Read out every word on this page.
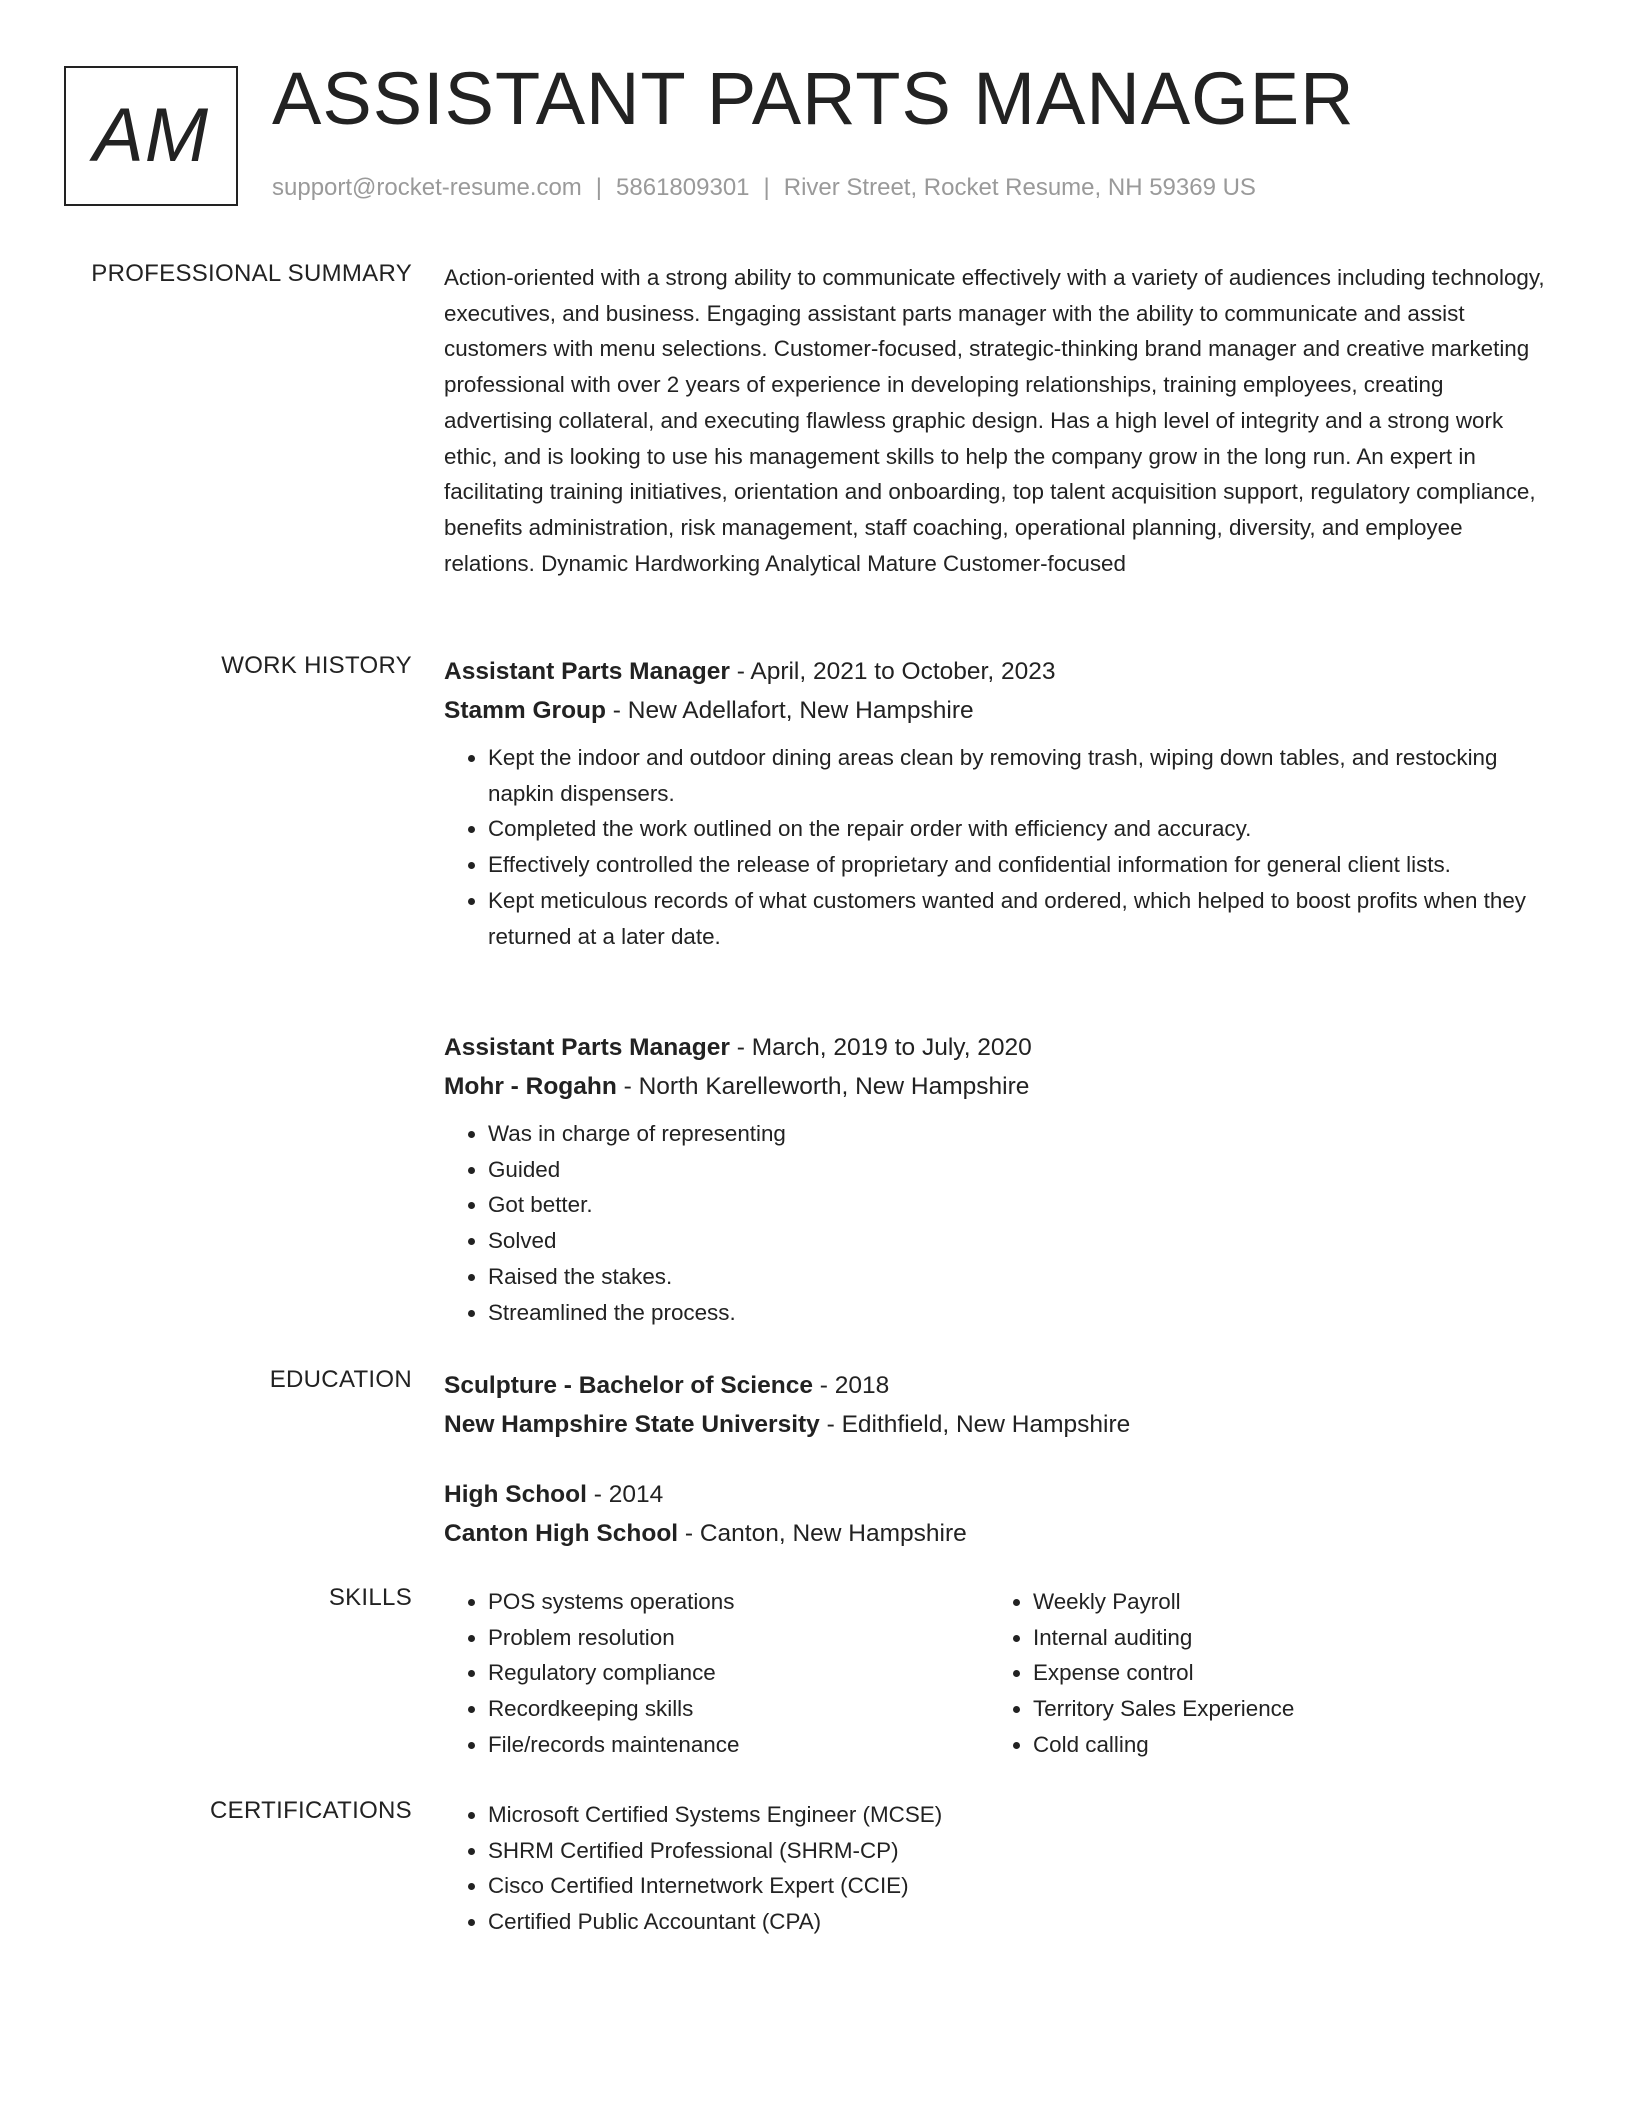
AM ASSISTANT PARTS MANAGER
support@rocket-resume.com | 5861809301 | River Street, Rocket Resume, NH 59369 US
PROFESSIONAL SUMMARY Action-oriented with a strong ability to communicate effectively with a variety of audiences including technology, executives, and business. Engaging assistant parts manager with the ability to communicate and assist customers with menu selections. Customer-focused, strategic-thinking brand manager and creative marketing professional with over 2 years of experience in developing relationships, training employees, creating advertising collateral, and executing flawless graphic design. Has a high level of integrity and a strong work ethic, and is looking to use his management skills to help the company grow in the long run. An expert in facilitating training initiatives, orientation and onboarding, top talent acquisition support, regulatory compliance, benefits administration, risk management, staff coaching, operational planning, diversity, and employee relations. Dynamic Hardworking Analytical Mature Customer-focused

WORK HISTORY Assistant Parts Manager - April, 2021 to October, 2023
Stamm Group - New Adellafort, New Hampshire
• Kept the indoor and outdoor dining areas clean by removing trash, wiping down tables, and restocking napkin dispensers.
• Completed the work outlined on the repair order with efficiency and accuracy.
• Effectively controlled the release of proprietary and confidential information for general client lists.
• Kept meticulous records of what customers wanted and ordered, which helped to boost profits when they returned at a later date.
Assistant Parts Manager - March, 2019 to July, 2020
Mohr - Rogahn - North Karelleworth, New Hampshire
• Was in charge of representing
• Guided
• Got better.
• Solved
• Raised the stakes.
• Streamlined the process.
EDUCATION Sculpture - Bachelor of Science - 2018
New Hampshire State University - Edithfield, New Hampshire
High School - 2014
Canton High School - Canton, New Hampshire
SKILLS	• POS systems operations
• Problem resolution
• Regulatory compliance
• Recordkeeping skills
• File/records maintenance
• Weekly Payroll
• Internal auditing
• Expense control
• Territory Sales Experience
• Cold calling
CERTIFICATIONS	• Microsoft Certified Systems Engineer (MCSE)
• SHRM Certified Professional (SHRM-CP)
• Cisco Certified Internetwork Expert (CCIE)
• Certified Public Accountant (CPA)
